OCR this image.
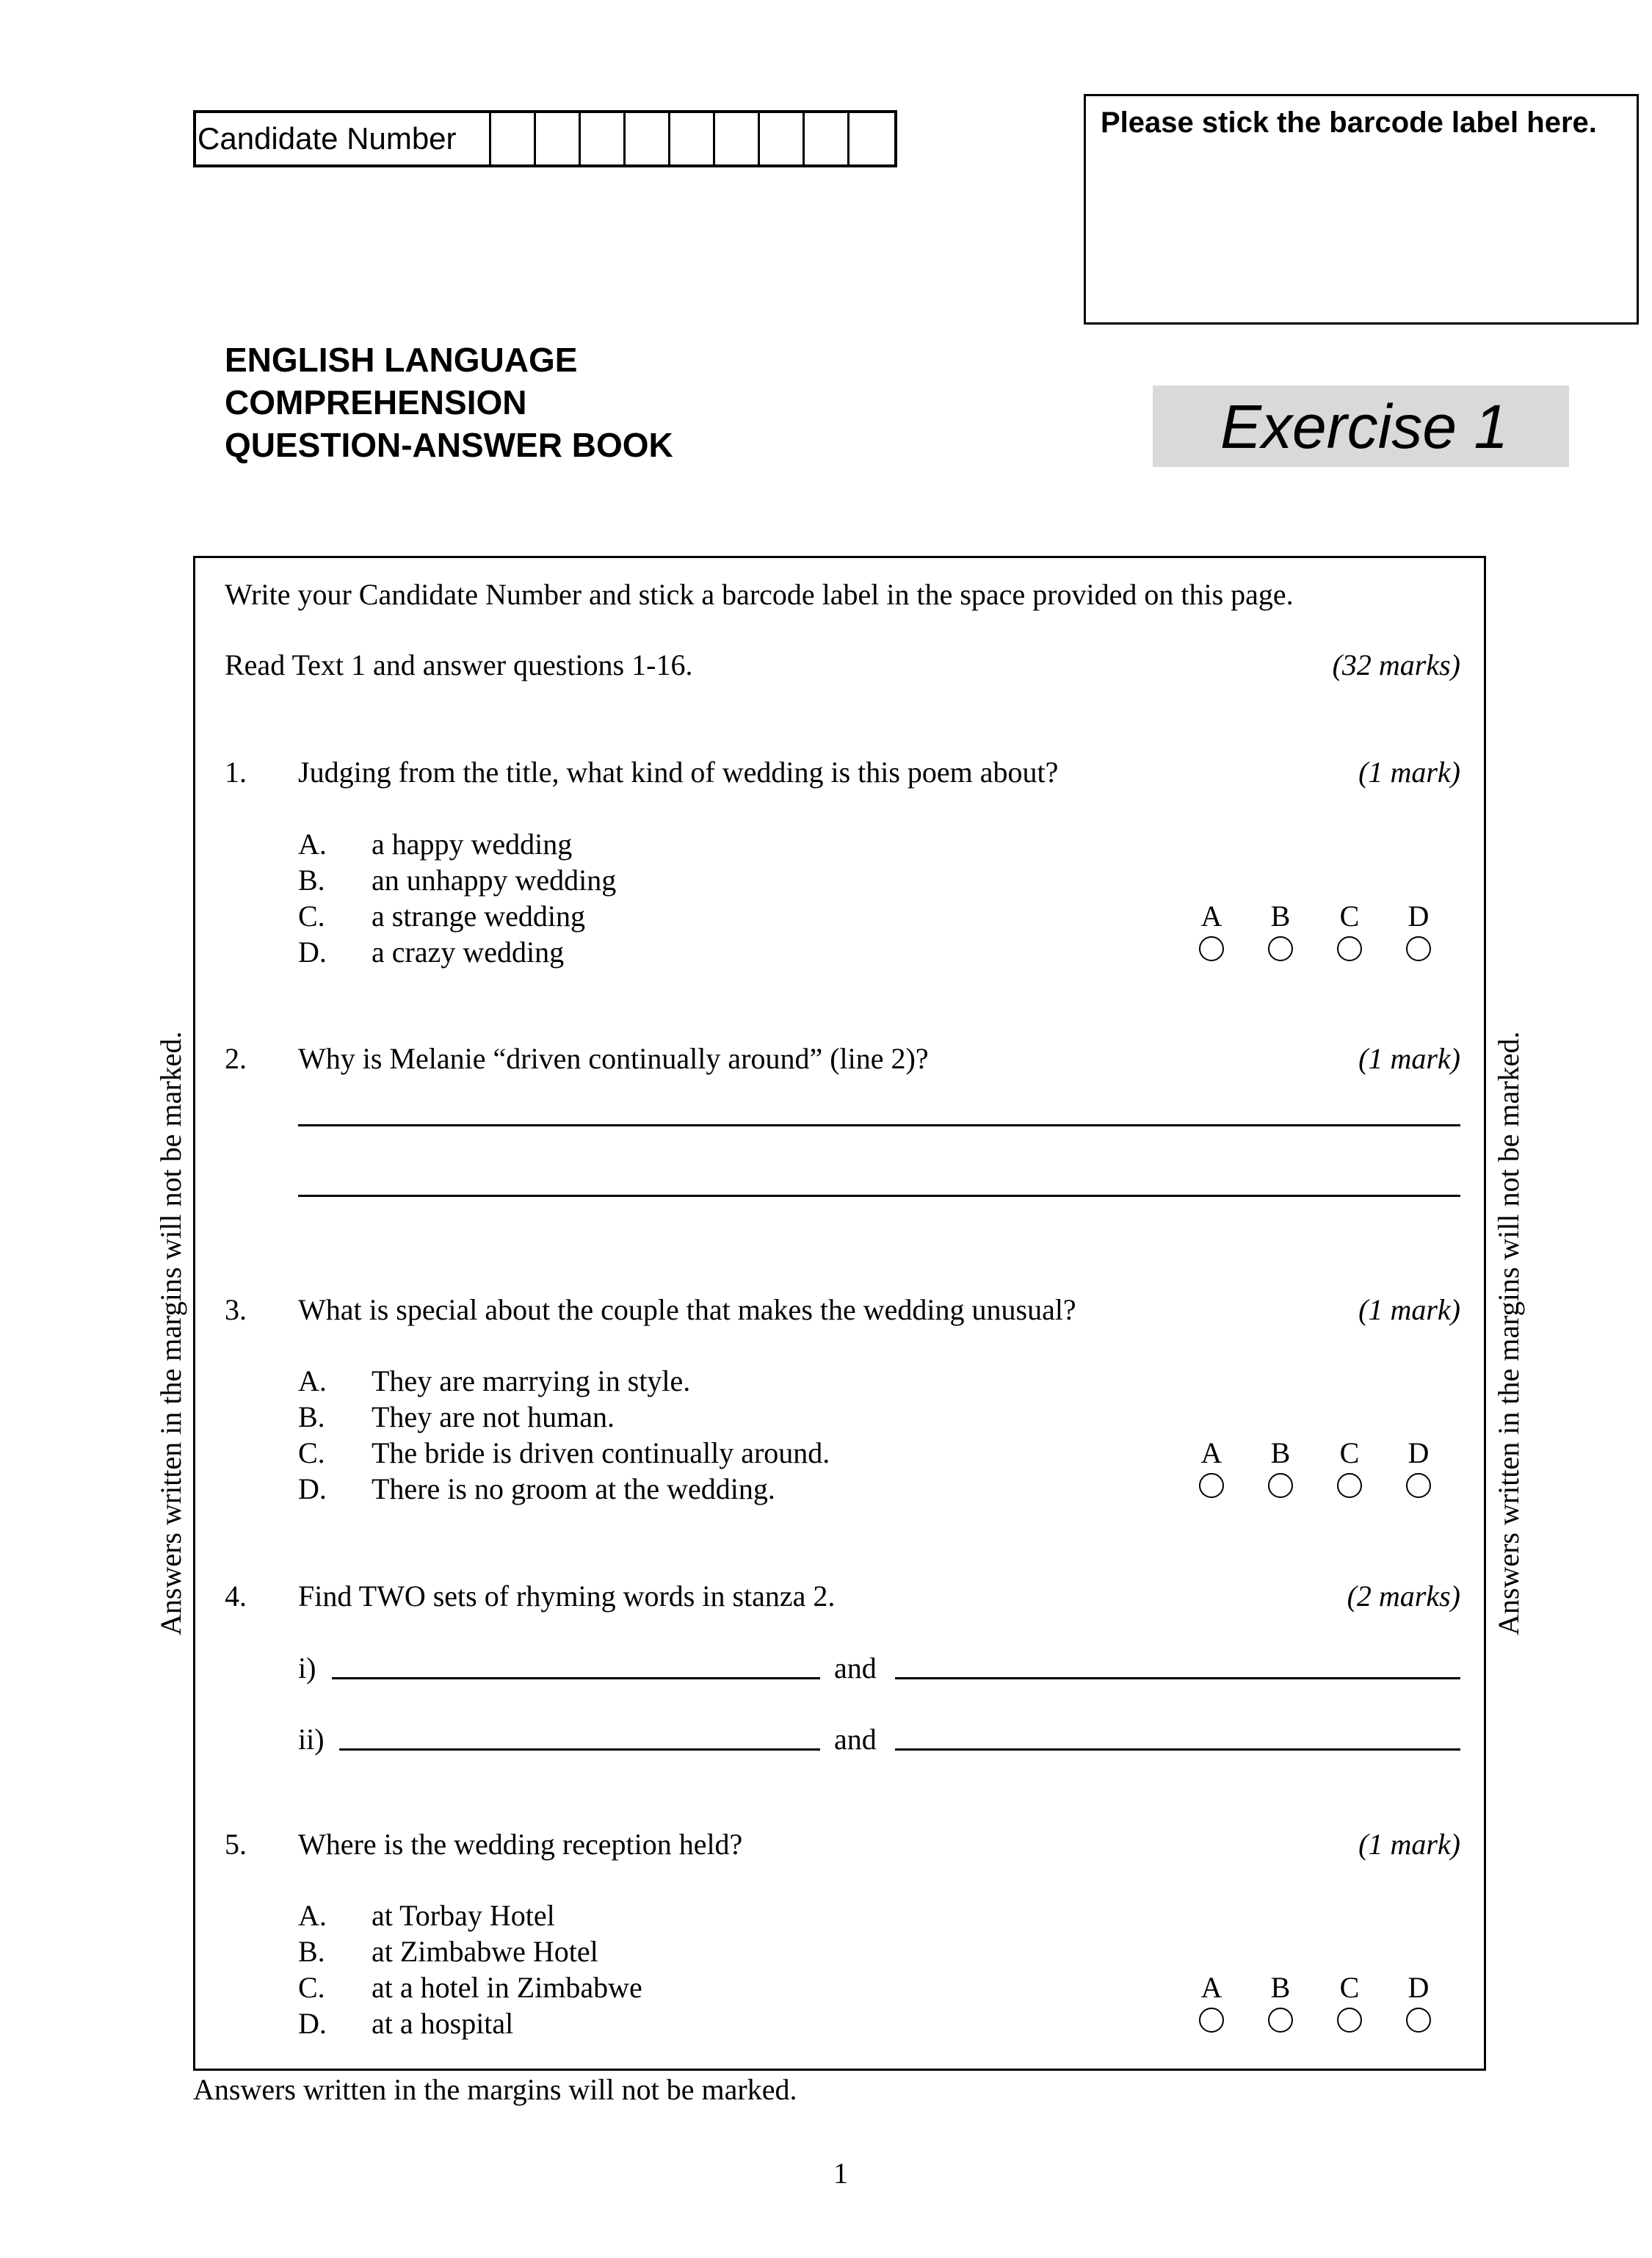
Candidate Number	Please stick the barcode label here.
ENGLISH LANGUAGE
COMPREHENSION
QUESTION-ANSWER BOOK	Exercise 1
Answers written in the margins will not be marked.	Answers written in the margins will not be marked.
Write your Candidate Number and stick a barcode label in the space provided on this page.
Read Text 1 and answer questions 1-16.	(32 marks)
1. Judging from the title, what kind of wedding is this poem about?	(1 mark)
A. a happy wedding
B. an unhappy wedding
C. a strange wedding
D. a crazy wedding
A B C D
2. Why is Melanie “driven continually around” (line 2)?	(1 mark)
3. What is special about the couple that makes the wedding unusual?	(1 mark)
A. They are marrying in style.
B. They are not human.
C. The bride is driven continually around.
D. There is no groom at the wedding.
A B C D
4. Find TWO sets of rhyming words in stanza 2.	(2 marks)
i)	and
ii)	and
5. Where is the wedding reception held?	(1 mark)
A. at Torbay Hotel
B. at Zimbabwe Hotel
C. at a hotel in Zimbabwe
D. at a hospital
A B C D
Answers written in the margins will not be marked.
1
